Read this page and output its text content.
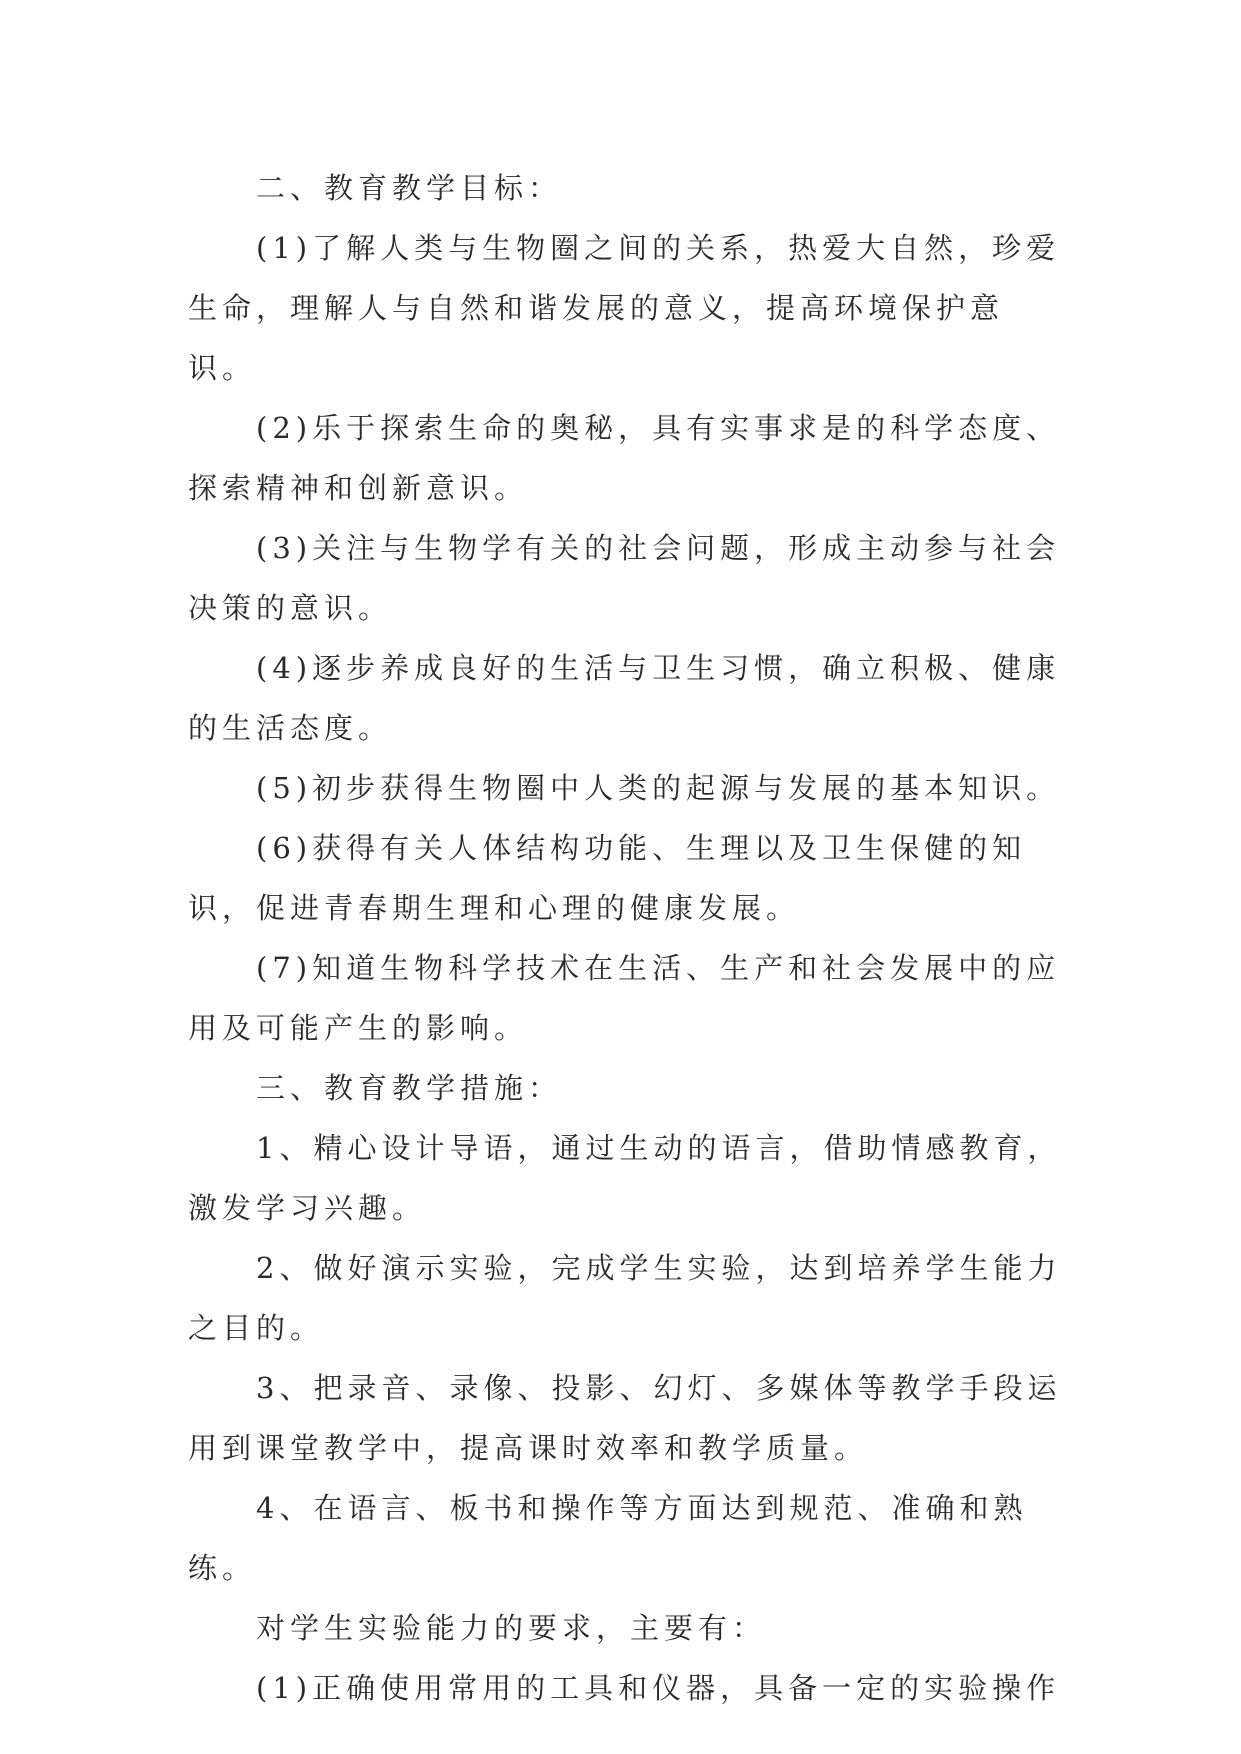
二、教育教学目标：

(1)了解人类与生物圈之间的关系，热爱大自然，珍爱生命，理解人与自然和谐发展的意义，提高环境保护意识。

(2)乐于探索生命的奥秘，具有实事求是的科学态度、探索精神和创新意识。

(3)关注与生物学有关的社会问题，形成主动参与社会决策的意识。

(4)逐步养成良好的生活与卫生习惯，确立积极、健康的生活态度。

(5)初步获得生物圈中人类的起源与发展的基本知识。

(6)获得有关人体结构功能、生理以及卫生保健的知识，促进青春期生理和心理的健康发展。

(7)知道生物科学技术在生活、生产和社会发展中的应用及可能产生的影响。

三、教育教学措施：

1、精心设计导语，通过生动的语言，借助情感教育，激发学习兴趣。

2、做好演示实验，完成学生实验，达到培养学生能力之目的。

3、把录音、录像、投影、幻灯、多媒体等教学手段运用到课堂教学中，提高课时效率和教学质量。

4、在语言、板书和操作等方面达到规范、准确和熟练。

对学生实验能力的要求，主要有：

(1)正确使用常用的工具和仪器，具备一定的实验操作
